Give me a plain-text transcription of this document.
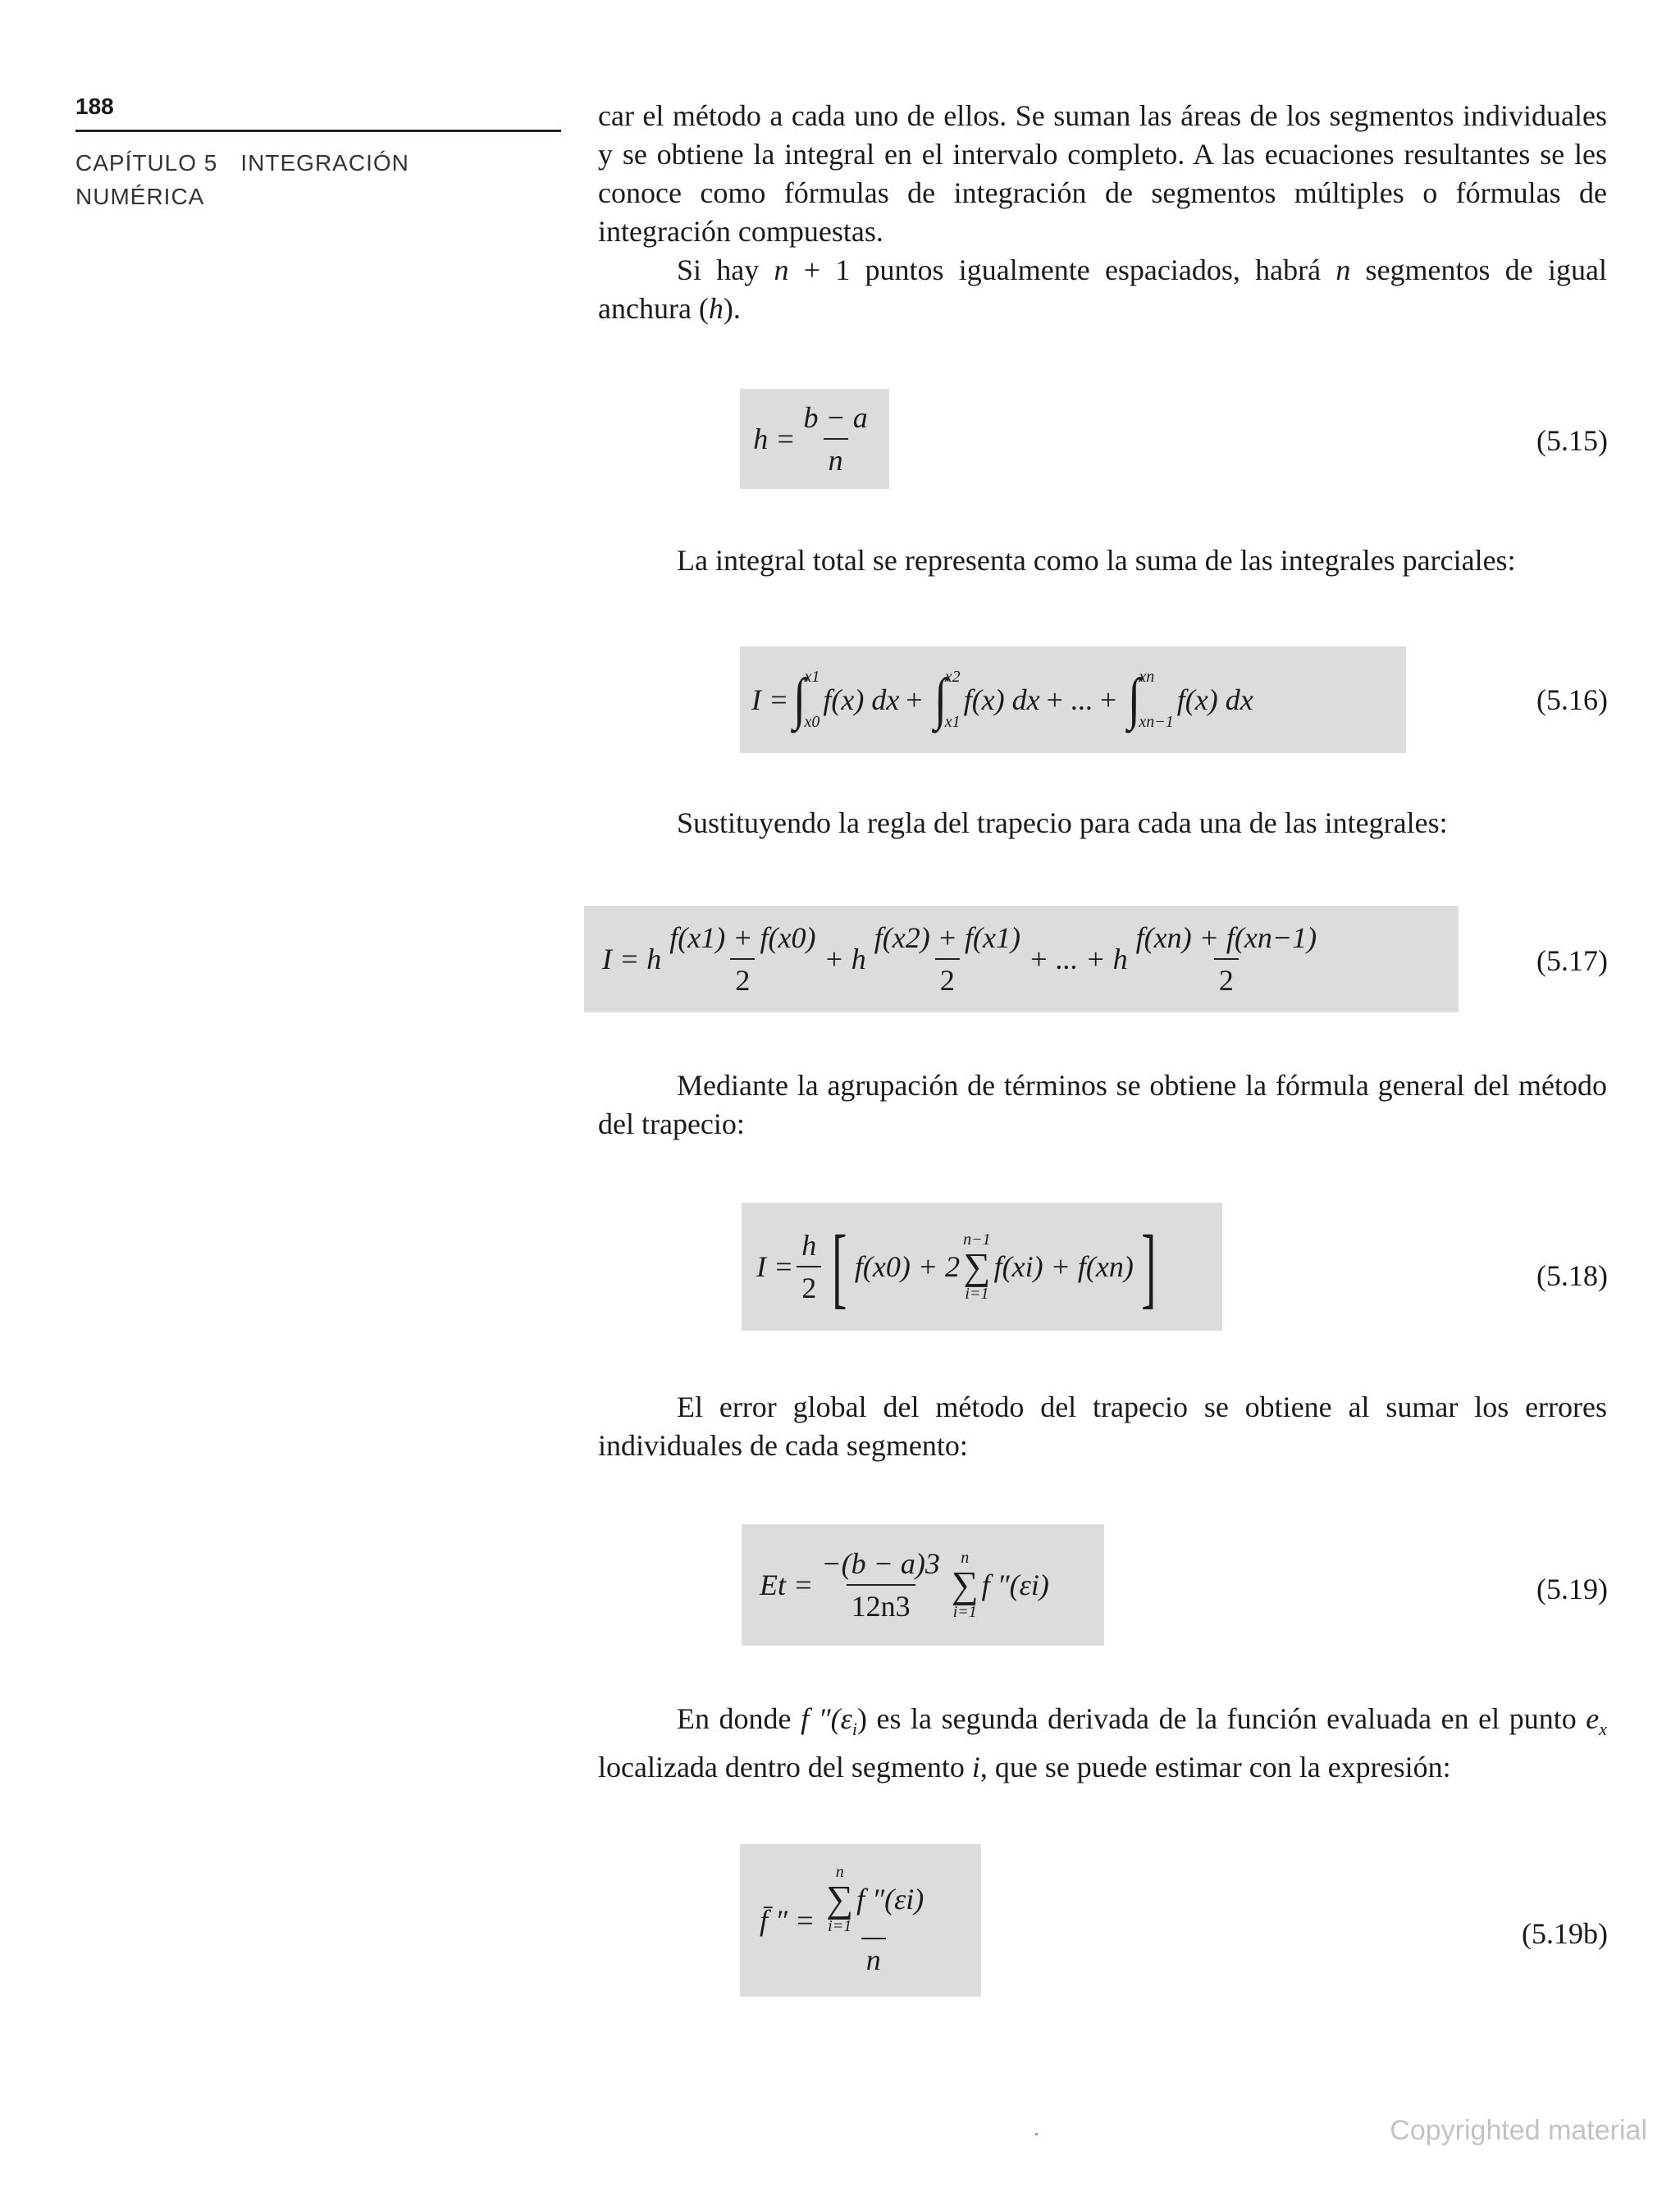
188
CAPÍTULO 5 INTEGRACIÓN
NUMÉRICA
car el método a cada uno de ellos. Se suman las áreas de los segmentos individuales y se obtiene la integral en el intervalo completo. A las ecuaciones resultantes se les conoce como fórmulas de integración de segmentos múltiples o fórmulas de integración compuestas.
Si hay n + 1 puntos igualmente espaciados, habrá n segmentos de igual anchura (h).
$h = \frac{b - a}{n}$	(5.15)
La integral total se representa como la suma de las integrales parciales:
I = ∫
x1
x0
f(x) dx + ∫
x2
x1
f(x) dx + ... + ∫
xn
xn−1
f(x) dx	(5.16)
Sustituyendo la regla del trapecio para cada una de las integrales:
I = h $\frac{f(x1) + f(x0)}{2} + h \frac{f(x2) + f(x1)}{2}$ + ... + h $\frac{f(xn) + f(xn-1)}{2}$	(5.17)
Mediante la agrupación de términos se obtiene la fórmula general del método del trapecio:
$I = \frac{h}{2}$ [ f(x0) + 2
n−1
∑
i=1
f(xi) + f(xn) ]	(5.18)
El error global del método del trapecio se obtiene al sumar los errores individuales de cada segmento:
$Et = \frac{-(b - a)3}{12n3}$ n
∑
i=1
f ″(εi)	(5.19)
En donde f $''(\varepsilon_i)$ es la segunda derivada de la función evaluada en el punto $e_x$ localizada dentro del segmento i, que se puede estimar con la expresión:
f̄ ″ = n
∑
i=1
f ″(εi)
n	(5.19b)
Copyrighted material
